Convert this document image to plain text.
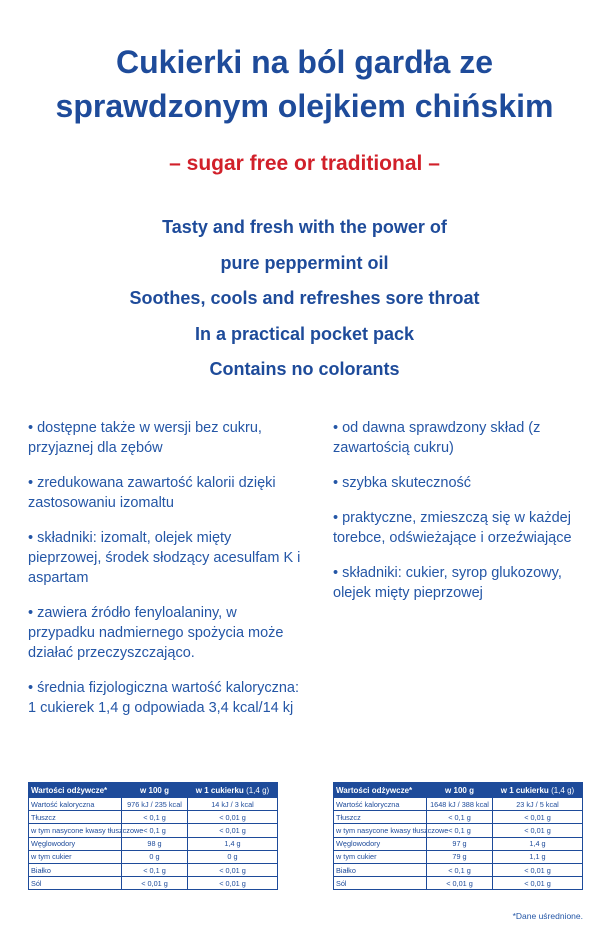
Cukierki na ból gardła ze
sprawdzonym olejkiem chińskim
– sugar free or traditional –
Tasty and fresh with the power of
pure peppermint oil
Soothes, cools and refreshes sore throat
In a practical pocket pack
Contains no colorants

• dostępne także w wersji bez cukru, przyjaznej dla zębów

• zredukowana zawartość kalorii dzięki zastosowaniu izomaltu

• składniki: izomalt, olejek mięty pieprzowej, środek słodzący acesulfam K i aspartam

• zawiera źródło fenyloalaniny, w przypadku nadmiernego spożycia może działać przeczyszczająco.

• średnia fizjologiczna wartość kaloryczna: 1 cukierek 1,4 g odpowiada 3,4 kcal/14 kj

• od dawna sprawdzony skład (z zawartością cukru)

• szybka skuteczność

• praktyczne, zmieszczą się w każdej torebce, odświeżające i orzeźwiające

• składniki: cukier, syrop glukozowy, olejek mięty pieprzowej

Wartości odżywcze*	w 100 g	w 1 cukierku (1,4 g)
Wartość kaloryczna	976 kJ / 235 kcal	14 kJ / 3 kcal
Tłuszcz	< 0,1 g	< 0,01 g
w tym nasycone kwasy tłuszczowe	< 0,1 g	< 0,01 g
Węglowodory	98 g	1,4 g
w tym cukier	0 g	0 g
Białko	< 0,1 g	< 0,01 g
Sól	< 0,01 g	< 0,01 g
Wartości odżywcze*	w 100 g	w 1 cukierku (1,4 g)
Wartość kaloryczna	1648 kJ / 388 kcal	23 kJ / 5 kcal
Tłuszcz	< 0,1 g	< 0,01 g
w tym nasycone kwasy tłuszczowe	< 0,1 g	< 0,01 g
Węglowodory	97 g	1,4 g
w tym cukier	79 g	1,1 g
Białko	< 0,1 g	< 0,01 g
Sól	< 0,01 g	< 0,01 g
*Dane uśrednione.
